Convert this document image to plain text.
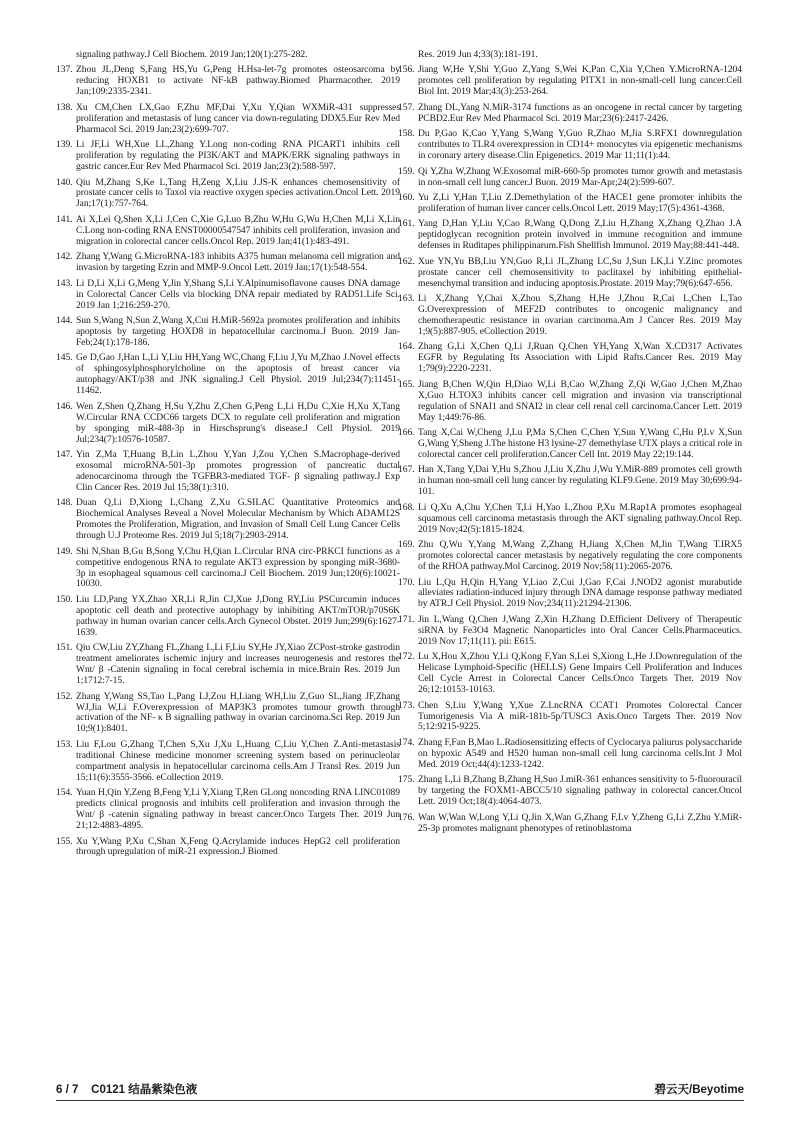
signaling pathway.J Cell Biochem. 2019 Jan;120(1):275-282.
137. Zhou JL,Deng S,Fang HS,Yu G,Peng H.Hsa-let-7g promotes osteosarcoma by reducing HOXB1 to activate NF-kB pathway.Biomed Pharmacother. 2019 Jan;109:2335-2341.
138. Xu CM,Chen LX,Gao F,Zhu MF,Dai Y,Xu Y,Qian WXMiR-431 suppresses proliferation and metastasis of lung cancer via down-regulating DDX5.Eur Rev Med Pharmacol Sci. 2019 Jan;23(2):699-707.
139. Li JF,Li WH,Xue LL,Zhang Y.Long non-coding RNA PICART1 inhibits cell proliferation by regulating the PI3K/AKT and MAPK/ERK signaling pathways in gastric cancer.Eur Rev Med Pharmacol Sci. 2019 Jan;23(2):588-597.
140. Qiu M,Zhang S,Ke L,Tang H,Zeng X,Liu J.JS-K enhances chemosensitivity of prostate cancer cells to Taxol via reactive oxygen species activation.Oncol Lett. 2019 Jan;17(1):757-764.
141. Ai X,Lei Q,Shen X,Li J,Cen C,Xie G,Luo B,Zhu W,Hu G,Wu H,Chen M,Li X,Lin C.Long non-coding RNA ENST00000547547 inhibits cell proliferation, invasion and migration in colorectal cancer cells.Oncol Rep. 2019 Jan;41(1):483-491.
142. Zhang Y,Wang G.MicroRNA-183 inhibits A375 human melanoma cell migration and invasion by targeting Ezrin and MMP-9.Oncol Lett. 2019 Jan;17(1):548-554.
143. Li D,Li X,Li G,Meng Y,Jin Y,Shang S,Li Y.Alpinumisoflavone causes DNA damage in Colorectal Cancer Cells via blocking DNA repair mediated by RAD51.Life Sci. 2019 Jan 1;216:259-270.
144. Sun S,Wang N,Sun Z,Wang X,Cui H.MiR-5692a promotes proliferation and inhibits apoptosis by targeting HOXD8 in hepatocellular carcinoma.J Buon. 2019 Jan-Feb;24(1):178-186.
145. Ge D,Gao J,Han L,Li Y,Liu HH,Yang WC,Chang F,Liu J,Yu M,Zhao J.Novel effects of sphingosylphosphorylcholine on the apoptosis of breast cancer via autophagy/AKT/p38 and JNK signaling.J Cell Physiol. 2019 Jul;234(7):11451-11462.
146. Wen Z,Shen Q,Zhang H,Su Y,Zhu Z,Chen G,Peng L,Li H,Du C,Xie H,Xu X,Tang W.Circular RNA CCDC66 targets DCX to regulate cell proliferation and migration by sponging miR-488-3p in Hirschsprung's disease.J Cell Physiol. 2019 Jul;234(7):10576-10587.
147. Yin Z,Ma T,Huang B,Lin L,Zhou Y,Yan J,Zou Y,Chen S.Macrophage-derived exosomal microRNA-501-3p promotes progression of pancreatic ductal adenocarcinoma through the TGFBR3-mediated TGF- β signaling pathway.J Exp Clin Cancer Res. 2019 Jul 15;38(1):310.
148. Duan Q,Li D,Xiong L,Chang Z,Xu G.SILAC Quantitative Proteomics and Biochemical Analyses Reveal a Novel Molecular Mechanism by Which ADAM12S Promotes the Proliferation, Migration, and Invasion of Small Cell Lung Cancer Cells through U.J Proteome Res. 2019 Jul 5;18(7):2903-2914.
149. Shi N,Shan B,Gu B,Song Y,Chu H,Qian L.Circular RNA circ-PRKCI functions as a competitive endogenous RNA to regulate AKT3 expression by sponging miR-3680-3p in esophageal squamous cell carcinoma.J Cell Biochem. 2019 Jun;120(6):10021-10030.
150. Liu LD,Pang YX,Zhao XR,Li R,Jin CJ,Xue J,Dong RY,Liu PSCurcumin induces apoptotic cell death and protective autophagy by inhibiting AKT/mTOR/p70S6K pathway in human ovarian cancer cells.Arch Gynecol Obstet. 2019 Jun;299(6):1627-1639.
151. Qiu CW,Liu ZY,Zhang FL,Zhang L,Li F,Liu SY,He JY,Xiao ZCPost-stroke gastrodin treatment ameliorates ischemic injury and increases neurogenesis and restores the Wnt/ β -Catenin signaling in focal cerebral ischemia in mice.Brain Res. 2019 Jun 1;1712:7-15.
152. Zhang Y,Wang SS,Tao L,Pang LJ,Zou H,Liang WH,Liu Z,Guo SL,Jiang JF,Zhang WJ,Jia W,Li F.Overexpression of MAP3K3 promotes tumour growth through activation of the NF- κ B signalling pathway in ovarian carcinoma.Sci Rep. 2019 Jun 10;9(1):8401.
153. Liu F,Lou G,Zhang T,Chen S,Xu J,Xu L,Huang C,Liu Y,Chen Z.Anti-metastasis traditional Chinese medicine monomer screening system based on perinucleolar compartment analysis in hepatocellular carcinoma cells.Am J Transl Res. 2019 Jun 15;11(6):3555-3566. eCollection 2019.
154. Yuan H,Qin Y,Zeng B,Feng Y,Li Y,Xiang T,Ren GLong noncoding RNA LINC01089 predicts clinical prognosis and inhibits cell proliferation and invasion through the Wnt/ β -catenin signaling pathway in breast cancer.Onco Targets Ther. 2019 Jun 21;12:4883-4895.
155. Xu Y,Wang P,Xu C,Shan X,Feng Q.Acrylamide induces HepG2 cell proliferation through upregulation of miR-21 expression.J Biomed
Res. 2019 Jun 4;33(3):181-191.
156. Jiang W,He Y,Shi Y,Guo Z,Yang S,Wei K,Pan C,Xia Y,Chen Y.MicroRNA-1204 promotes cell proliferation by regulating PITX1 in non-small-cell lung cancer.Cell Biol Int. 2019 Mar;43(3):253-264.
157. Zhang DL,Yang N.MiR-3174 functions as an oncogene in rectal cancer by targeting PCBD2.Eur Rev Med Pharmacol Sci. 2019 Mar;23(6):2417-2426.
158. Du P,Gao K,Cao Y,Yang S,Wang Y,Guo R,Zhao M,Jia S.RFX1 downregulation contributes to TLR4 overexpression in CD14+ monocytes via epigenetic mechanisms in coronary artery disease.Clin Epigenetics. 2019 Mar 11;11(1):44.
159. Qi Y,Zha W,Zhang W.Exosomal miR-660-5p promotes tumor growth and metastasis in non-small cell lung cancer.J Buon. 2019 Mar-Apr;24(2):599-607.
160. Yu Z,Li Y,Han T,Liu Z.Demethylation of the HACE1 gene promoter inhibits the proliferation of human liver cancer cells.Oncol Lett. 2019 May;17(5):4361-4368.
161. Yang D,Han Y,Liu Y,Cao R,Wang Q,Dong Z,Liu H,Zhang X,Zhang Q,Zhao J.A peptidoglycan recognition protein involved in immune recognition and immune defenses in Ruditapes philippinarum.Fish Shellfish Immunol. 2019 May;88:441-448.
162. Xue YN,Yu BB,Liu YN,Guo R,Li JL,Zhang LC,Su J,Sun LK,Li Y.Zinc promotes prostate cancer cell chemosensitivity to paclitaxel by inhibiting epithelial-mesenchymal transition and inducing apoptosis.Prostate. 2019 May;79(6):647-656.
163. Li X,Zhang Y,Chai X,Zhou S,Zhang H,He J,Zhou R,Cai L,Chen L,Tao G.Overexpression of MEF2D contributes to oncogenic malignancy and chemotherapeutic resistance in ovarian carcinoma.Am J Cancer Res. 2019 May 1;9(5):887-905. eCollection 2019.
164. Zhang G,Li X,Chen Q,Li J,Ruan Q,Chen YH,Yang X,Wan X.CD317 Activates EGFR by Regulating Its Association with Lipid Rafts.Cancer Res. 2019 May 1;79(9):2220-2231.
165. Jiang B,Chen W,Qin H,Diao W,Li B,Cao W,Zhang Z,Qi W,Gao J,Chen M,Zhao X,Guo H.TOX3 inhibits cancer cell migration and invasion via transcriptional regulation of SNAI1 and SNAI2 in clear cell renal cell carcinoma.Cancer Lett. 2019 May 1;449:76-86.
166. Tang X,Cai W,Cheng J,Lu P,Ma S,Chen C,Chen Y,Sun Y,Wang C,Hu P,Lv X,Sun G,Wang Y,Sheng J.The histone H3 lysine-27 demethylase UTX plays a critical role in colorectal cancer cell proliferation.Cancer Cell Int. 2019 May 22;19:144.
167. Han X,Tang Y,Dai Y,Hu S,Zhou J,Liu X,Zhu J,Wu Y.MiR-889 promotes cell growth in human non-small cell lung cancer by regulating KLF9.Gene. 2019 May 30;699:94-101.
168. Li Q,Xu A,Chu Y,Chen T,Li H,Yao L,Zhou P,Xu M.Rap1A promotes esophageal squamous cell carcinoma metastasis through the AKT signaling pathway.Oncol Rep. 2019 Nov;42(5):1815-1824.
169. Zhu Q,Wu Y,Yang M,Wang Z,Zhang H,Jiang X,Chen M,Jin T,Wang T.IRX5 promotes colorectal cancer metastasis by negatively regulating the core components of the RHOA pathway.Mol Carcinog. 2019 Nov;58(11):2065-2076.
170. Liu L,Qu H,Qin H,Yang Y,Liao Z,Cui J,Gao F,Cai J.NOD2 agonist murabutide alleviates radiation-induced injury through DNA damage response pathway mediated by ATR.J Cell Physiol. 2019 Nov;234(11):21294-21306.
171. Jin L,Wang Q,Chen J,Wang Z,Xin H,Zhang D.Efficient Delivery of Therapeutic siRNA by Fe3O4 Magnetic Nanoparticles into Oral Cancer Cells.Pharmaceutics. 2019 Nov 17;11(11). pii: E615.
172. Lu X,Hou X,Zhou Y,Li Q,Kong F,Yan S,Lei S,Xiong L,He J.Downregulation of the Helicase Lymphoid-Specific (HELLS) Gene Impairs Cell Proliferation and Induces Cell Cycle Arrest in Colorectal Cancer Cells.Onco Targets Ther. 2019 Nov 26;12:10153-10163.
173. Chen S,Liu Y,Wang Y,Xue Z.LncRNA CCAT1 Promotes Colorectal Cancer Tumorigenesis Via A miR-181b-5p/TUSC3 Axis.Onco Targets Ther. 2019 Nov 5;12:9215-9225.
174. Zhang F,Fan B,Mao L.Radiosensitizing effects of Cyclocarya paliurus polysaccharide on hypoxic A549 and H520 human non-small cell lung carcinoma cells.Int J Mol Med. 2019 Oct;44(4):1233-1242.
175. Zhang L,Li B,Zhang B,Zhang H,Suo J.miR-361 enhances sensitivity to 5-fluorouracil by targeting the FOXM1-ABCC5/10 signaling pathway in colorectal cancer.Oncol Lett. 2019 Oct;18(4):4064-4073.
176. Wan W,Wan W,Long Y,Li Q,Jin X,Wan G,Zhang F,Lv Y,Zheng G,Li Z,Zhu Y.MiR-25-3p promotes malignant phenotypes of retinoblastoma
6 / 7 C0121 结晶紫染色液	碧云天/Beyotime
